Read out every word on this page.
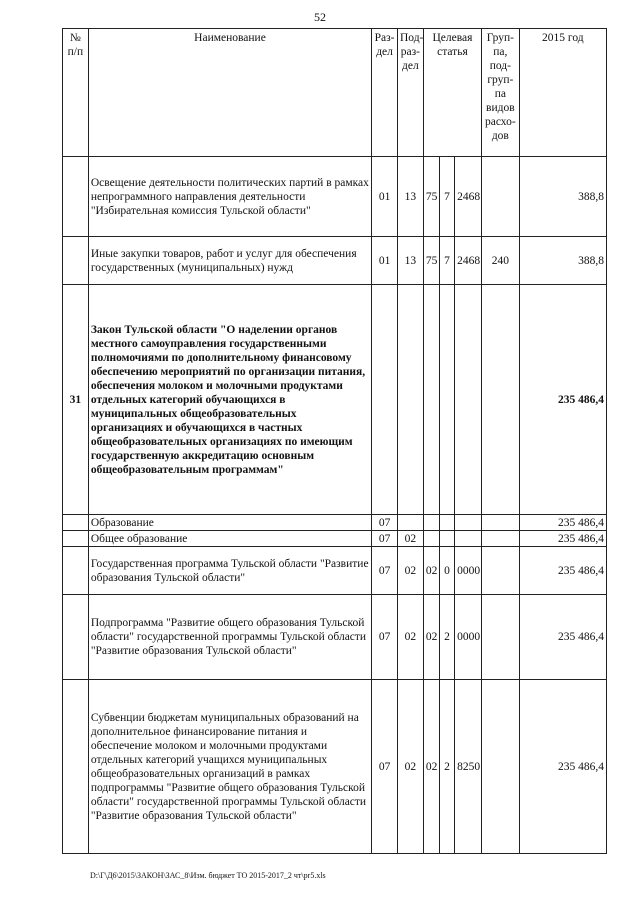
52
№ п/п	Наименование	Раз- дел	Под- раз- дел	Целевая статья			Груп- па, под- груп- па видов расхо- дов	2015 год
	Освещение деятельности политических партий в рамках непрограммного направления деятельности "Избирательная комиссия Тульской области"	01	13	75	7	2468		388,8
	Иные закупки товаров, работ и услуг для обеспечения государственных (муниципальных) нужд	01	13	75	7	2468	240	388,8
31	Закон Тульской области "О наделении органов местного самоуправления государственными полномочиями по дополнительному финансовому обеспечению мероприятий по организации питания, обеспечения молоком и молочными продуктами отдельных категорий обучающихся в муниципальных общеобразовательных организациях и обучающихся в частных общеобразовательных организациях по имеющим государственную аккредитацию основным общеобразовательным программам"							235 486,4
	Образование	07						235 486,4
	Общее образование	07	02					235 486,4
	Государственная программа Тульской области "Развитие образования Тульской области"	07	02	02	0	0000		235 486,4
	Подпрограмма "Развитие общего образования Тульской области" государственной программы Тульской области "Развитие образования Тульской области"	07	02	02	2	0000		235 486,4
	Субвенции бюджетам муниципальных образований на дополнительное финансирование питания и обеспечение молоком и молочными продуктами отдельных категорий учащихся муниципальных общеобразовательных организаций в рамках подпрограммы "Развитие общего образования Тульской области" государственной программы Тульской области "Развитие образования Тульской области"	07	02	02	2	8250		235 486,4
D:\Г\Д6\2015\ЗАКОН\ЗАС_8\Изм. бюджет ТО 2015-2017_2 чт\pr5.xls
